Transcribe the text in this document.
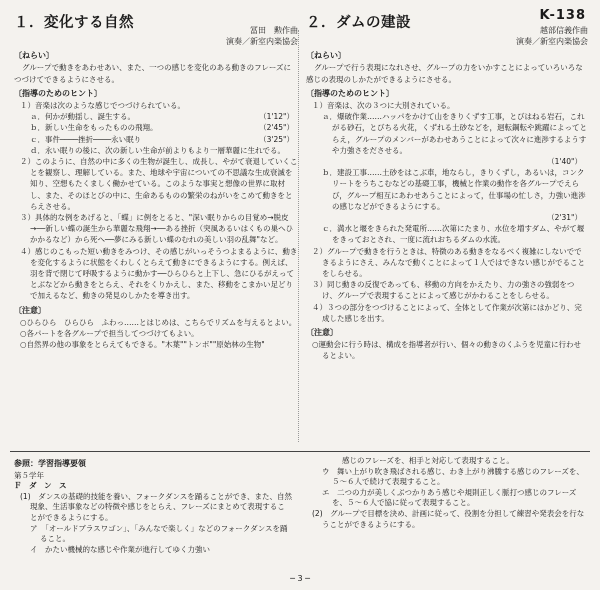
K-138
１．変化する自然	冨田　勲作曲
演奏／新室内楽協会
〔ねらい〕

グループで動きをあわせあい、また、一つの感じを変化のある動きのフレーズにつづけてできるようにさせる。

〔指導のためのヒント〕

１）音楽は次のような感じでつづけられている。

（1'12"）
ａ．何かが動揺し、誕生する。

（2'45"）
ｂ．新しい生命をもったものの飛翔。

（3'25"）
ｃ．事件────挫折────永い眠り

ｄ．永い眠りの後に、次の新しい生命が前よりもより一層華麗に生れでる。

２）このように、自然の中に多くの生物が誕生し、成長し、やがて衰退していくことを観察し、理解している。また、地球や宇宙についての不思議な生成衰滅を知り、空想もたくましく働かせている。このような事実と想像の世界に取材し、また、そのほとびの中に、生命あるものの繁栄のねがいをこめて動きをとらえさせる。

３）具体的な例をあげると、「蝶」に例をとると、"深い眠りからの目覚め→脱皮→──新しい蝶の誕生から華麗な飛翔→──ある挫折（突風あるいはくもの巣へひかかるなど）から死へ──夢にみる新しい蝶のむれの美しい羽の乱舞"など。

４）感じのこもった短い動きをみつけ、その感じがいっそうつよまるように、動きを変化するように状態をくわしくとらえて動きにできるようにする。例えば、羽を背で閉じて呼吸するように動かす──ひらひらと上下し、急にひるがえってとぶなどから動きをとらえ、それをくりかえし、また、移動をこまかい足どりで加えるなど、動きの発見のしかたを導き出す。

〔注意〕

○ひらひら　ひらひら　ふわっ……とはじめは、こちらでリズムを与えるとよい。

○各パートを各グループで担当してつづけてもよい。

○自然界の他の事象をとらえてもできる。"木葉""トンボ""原始林の生物"

２．ダムの建設	越部信義作曲
演奏／新室内楽協会
〔ねらい〕

グループで行う表現になれさせ、グループの力をいかすことによっていろいろな感じの表現のしかたができるようにさせる。

〔指導のためのヒント〕

１）音楽は、次の３つに大別されている。

ａ．爆破作業……ハッパをかけて山をきりくずす工事，とびはねる岩石，これがる砂石，とびちる火花，くずれる土砂などを，迴転鋼転や跳躍によってとらえ，グループのメンバーがあわせあうことによって次々に進渉するようすや力強さをださせる。

（1'40"）

ｂ．建設工事……土砂をはこぶ車，地ならし，きりくずし，あるいは，コンクリートをうちこむなどの基礎工事，機械と作業の動作を各グループでえらび，グループ相互にあわせあうことによって，仕事場の忙しさ，力強い進渉の感じなどができるようにする。

（2'31"）

ｃ．満水と堰をきられた発電所……次第にたまり、水位を増すダム、やがて堰をきっておとされ、一度に流れおちるダムの水流。

２）グループで動きを行うときは、特徴のある動きをなるべく複雑にしないでできるようにさえ、みんなで動くことによって１人ではできない感じがでることをしらせる。

３）同じ動きの反復であっても、移動の方向をかえたり、力の強さの強弱をつけ、グループで表現することによって感じがかわることをしらせる。

４）３つの部分をつづけることによって、全体として作業が次第にはかどり、完成した感じを出す。

〔注意〕

○運動会に行う時は、構成を指導者が行い、個々の動きのくふうを児童に行わせるとよい。

参照：学習指導要領

第５学年

Ｆ　ダ　ン　ス

(1)　ダンスの基礎的技能を養い、フォークダンスを踊ることができ、また、自然現象、生活事象などの特徴や感じをとらえ、フレーズにまとめて表現することができるようにする。

ア　「オールドブラスワゴン」、「みんなで楽しく」などのフォークダンスを踊ること。

イ　かたい機械的な感じや作業が進行してゆく力強い

感じのフレーズを、相手と対応して表現すること。

ウ　舞い上がり吹き飛ばされる感じ、わき上がり沸騰する感じのフレーズを、５～６人で続けて表現すること。

エ　二つの力が美しくぶつかりあう感じや規則正しく脈打つ感じのフレーズを、５～６人で協に従って表現すること。

(2)　グループで目標を決め、計画に従って、役割を分担して練習や発表会を行なうことができるようにする。

─ 3 ─
